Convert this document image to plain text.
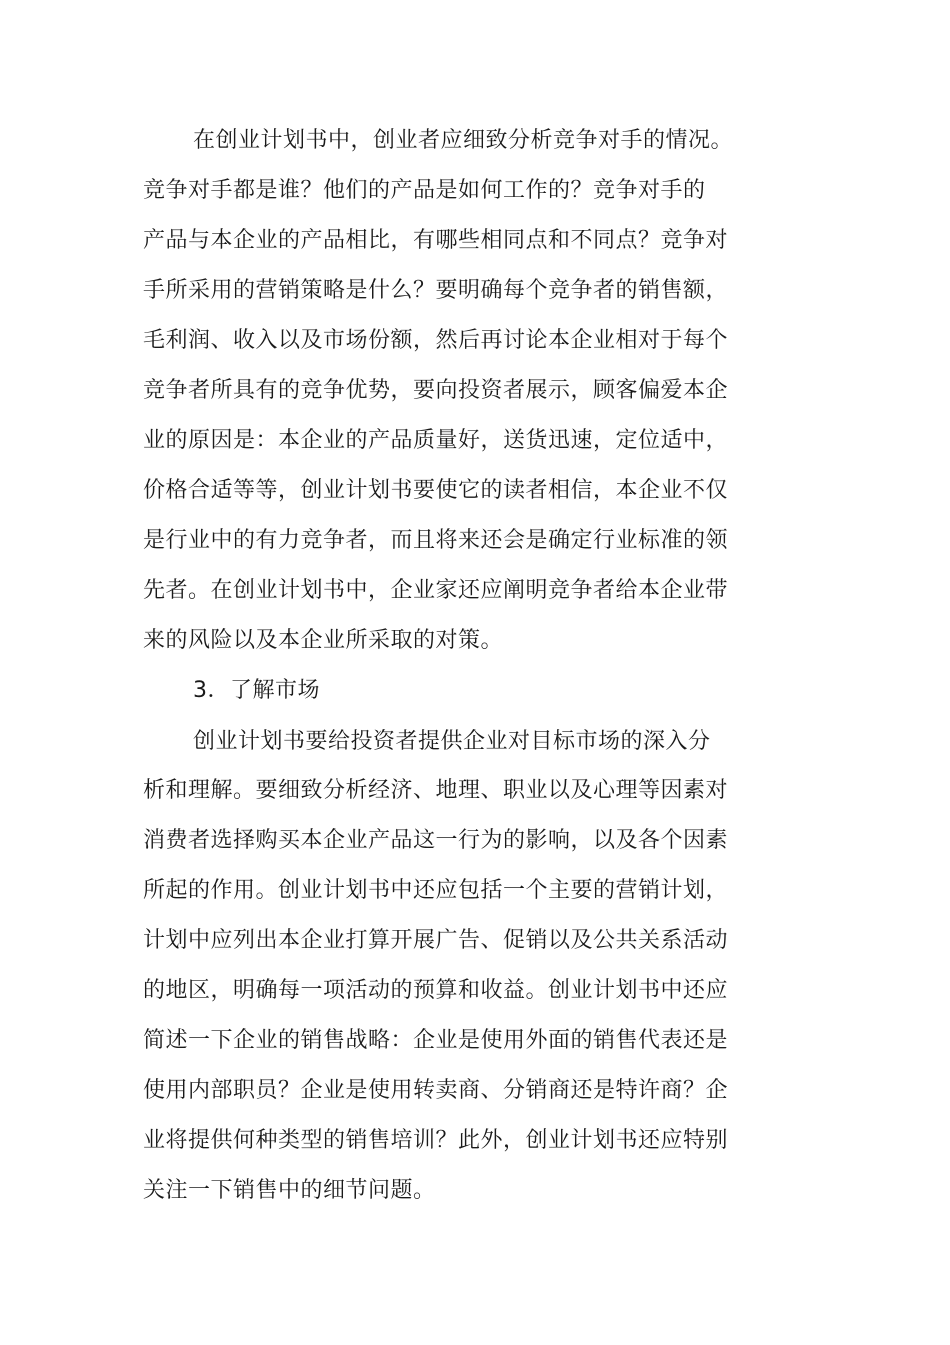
在创业计划书中，创业者应细致分析竞争对手的情况。
竞争对手都是谁？他们的产品是如何工作的？竞争对手的
产品与本企业的产品相比，有哪些相同点和不同点？竞争对
手所采用的营销策略是什么？要明确每个竞争者的销售额，
毛利润、收入以及市场份额，然后再讨论本企业相对于每个
竞争者所具有的竞争优势，要向投资者展示，顾客偏爱本企
业的原因是：本企业的产品质量好，送货迅速，定位适中，
价格合适等等，创业计划书要使它的读者相信，本企业不仅
是行业中的有力竞争者，而且将来还会是确定行业标准的领
先者。在创业计划书中，企业家还应阐明竞争者给本企业带
来的风险以及本企业所采取的对策。
3．了解市场
创业计划书要给投资者提供企业对目标市场的深入分
析和理解。要细致分析经济、地理、职业以及心理等因素对
消费者选择购买本企业产品这一行为的影响，以及各个因素
所起的作用。创业计划书中还应包括一个主要的营销计划，
计划中应列出本企业打算开展广告、促销以及公共关系活动
的地区，明确每一项活动的预算和收益。创业计划书中还应
简述一下企业的销售战略：企业是使用外面的销售代表还是
使用内部职员？企业是使用转卖商、分销商还是特许商？企
业将提供何种类型的销售培训？此外，创业计划书还应特别
关注一下销售中的细节问题。
